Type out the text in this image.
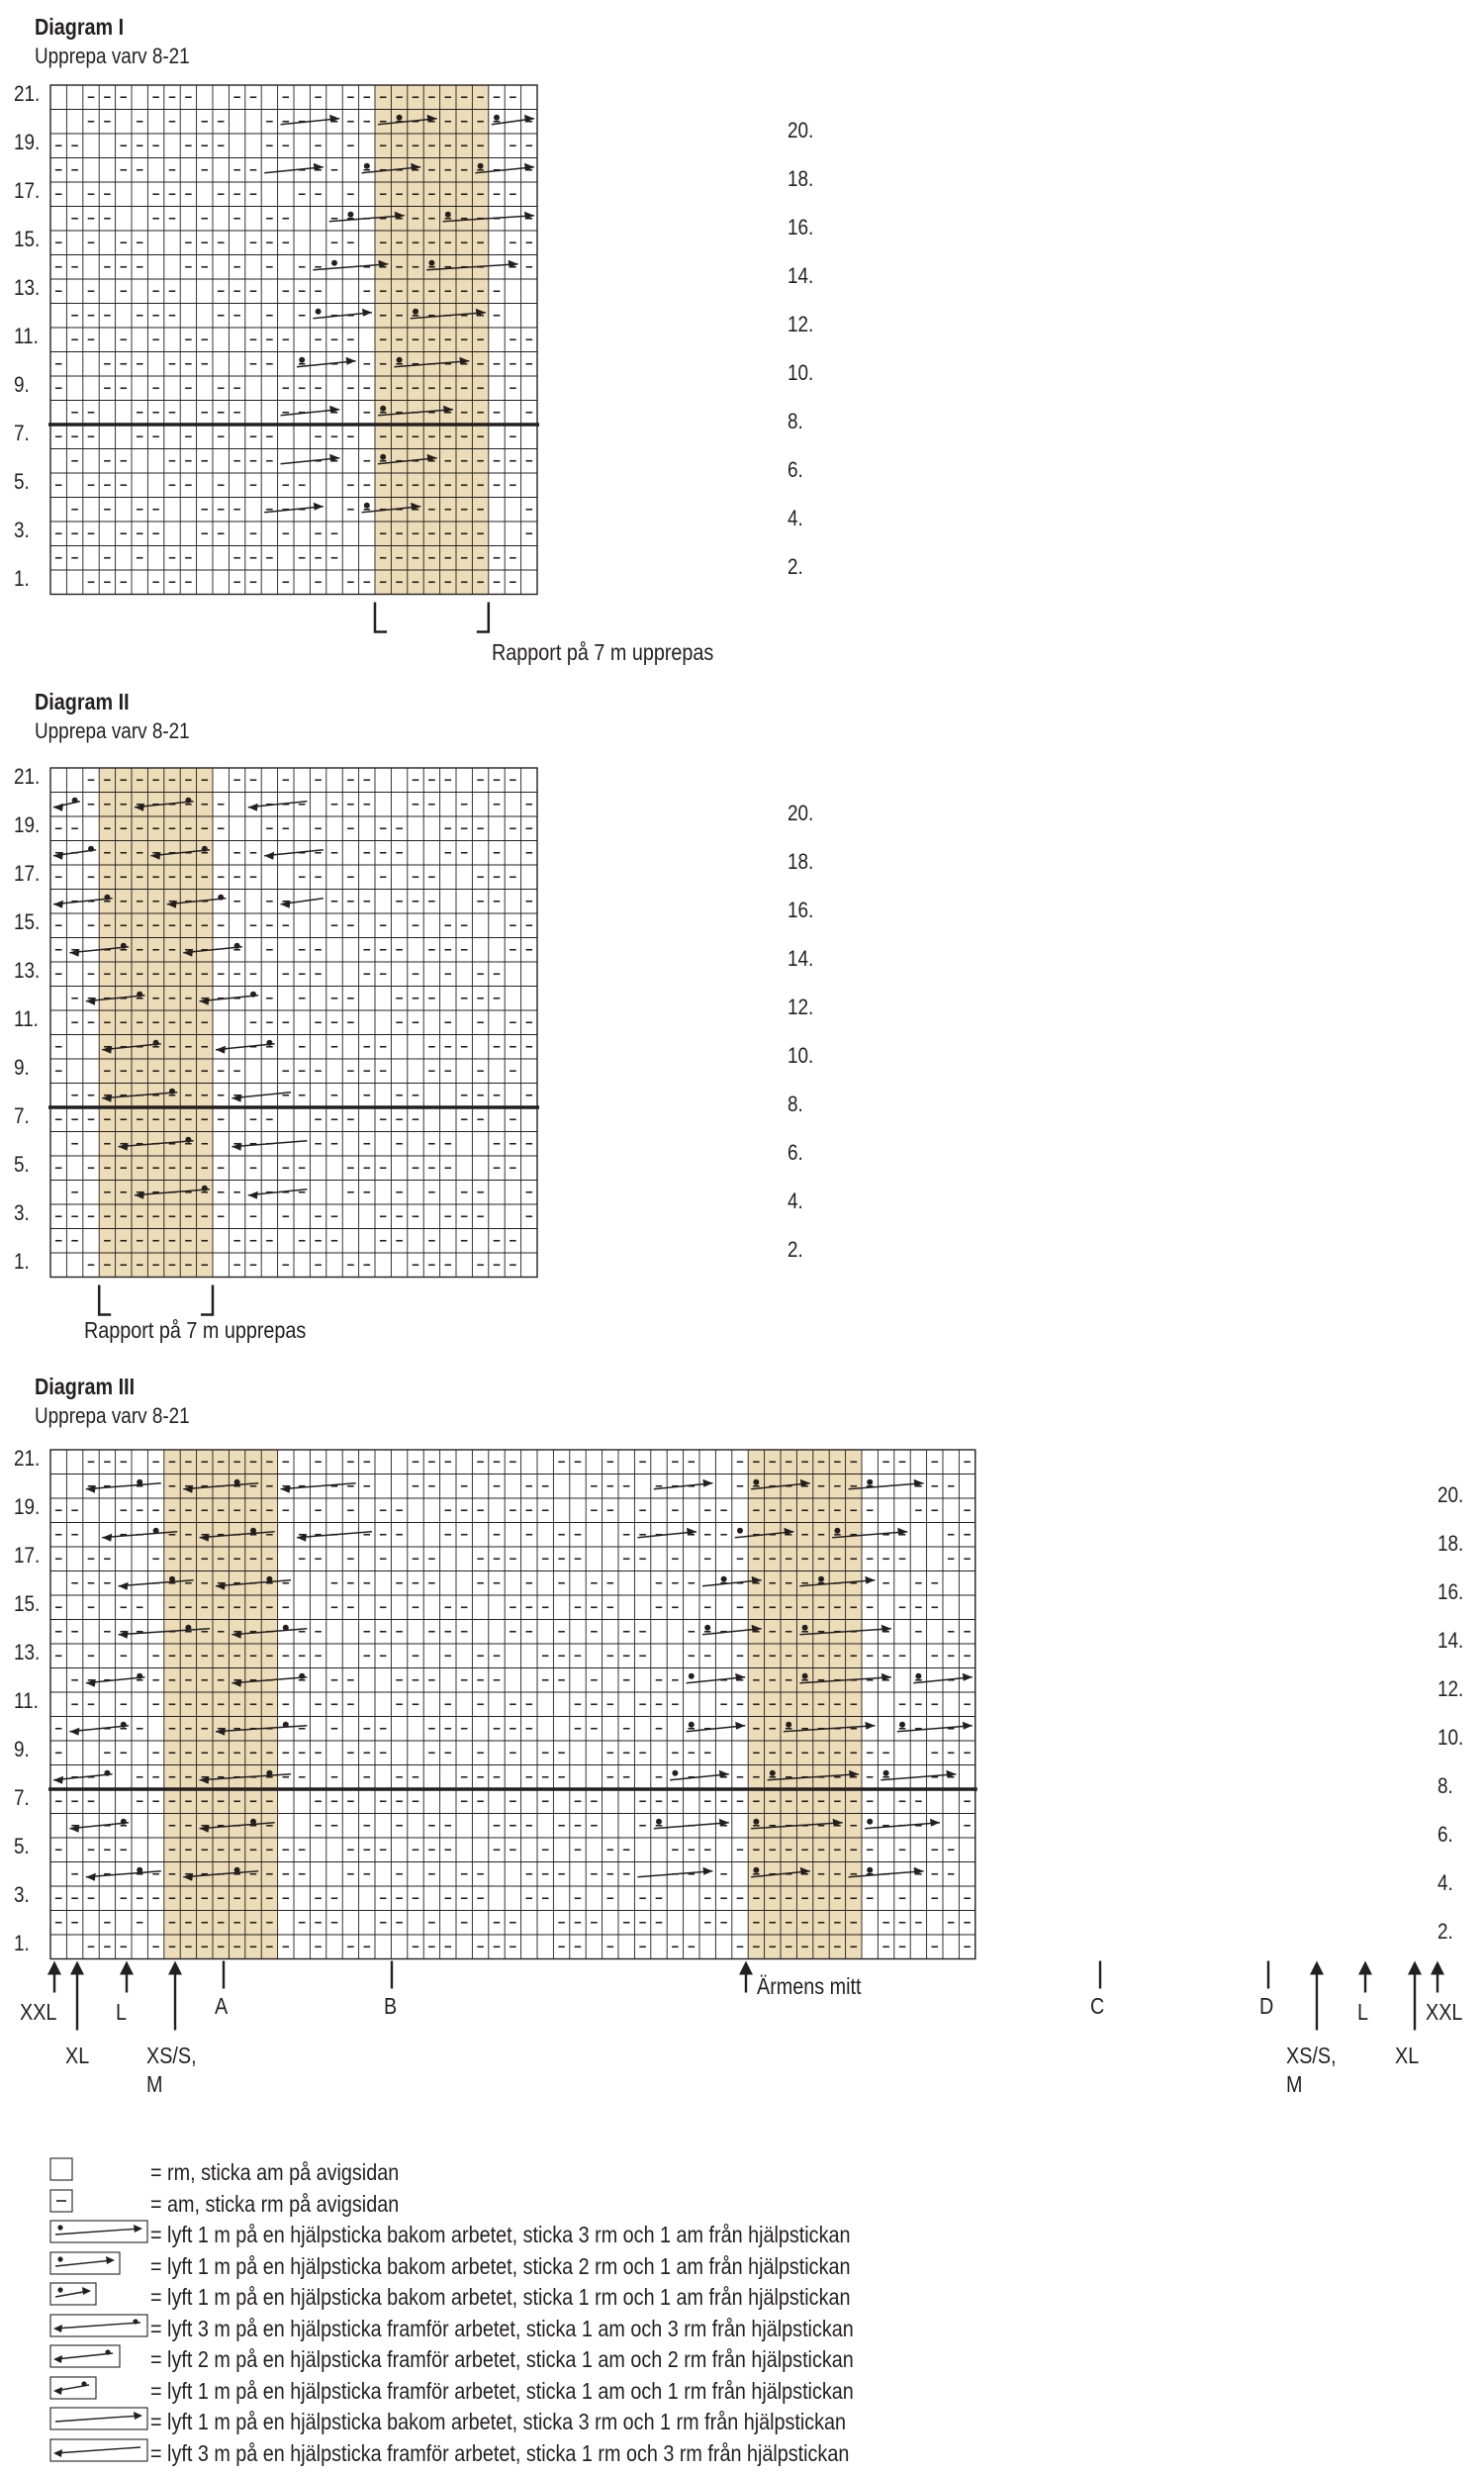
Diagram I
Upprepa varv 8-21
21.
19.
17.
15.
13.
11.
9.
7.
5.
3.
1.
20.
18.
16.
14.
12.
10.
8.
6.
4.
2.
Rapport på 7 m upprepas
Diagram II
Upprepa varv 8-21
21.
19.
17.
15.
13.
11.
9.
7.
5.
3.
1.
20.
18.
16.
14.
12.
10.
8.
6.
4.
2.
Rapport på 7 m upprepas
Diagram III
Upprepa varv 8-21
21.
19.
17.
15.
13.
11.
9.
7.
5.
3.
1.
20.
18.
16.
14.
12.
10.
8.
6.
4.
2.
XXL
XL
L
XS/S,
M
A	B
Ärmens mitt
C	D
XS/S,
M
L
XL
XXL
= rm, sticka am på avigsidan
= am, sticka rm på avigsidan
= lyft 1 m på en hjälpsticka bakom arbetet, sticka 3 rm och 1 am från hjälpstickan
= lyft 1 m på en hjälpsticka bakom arbetet, sticka 2 rm och 1 am från hjälpstickan
= lyft 1 m på en hjälpsticka bakom arbetet, sticka 1 rm och 1 am från hjälpstickan
= lyft 3 m på en hjälpsticka framför arbetet, sticka 1 am och 3 rm från hjälpstickan
= lyft 2 m på en hjälpsticka framför arbetet, sticka 1 am och 2 rm från hjälpstickan
= lyft 1 m på en hjälpsticka framför arbetet, sticka 1 am och 1 rm från hjälpstickan
= lyft 1 m på en hjälpsticka bakom arbetet, sticka 3 rm och 1 rm från hjälpstickan
= lyft 3 m på en hjälpsticka framför arbetet, sticka 1 rm och 3 rm från hjälpstickan
